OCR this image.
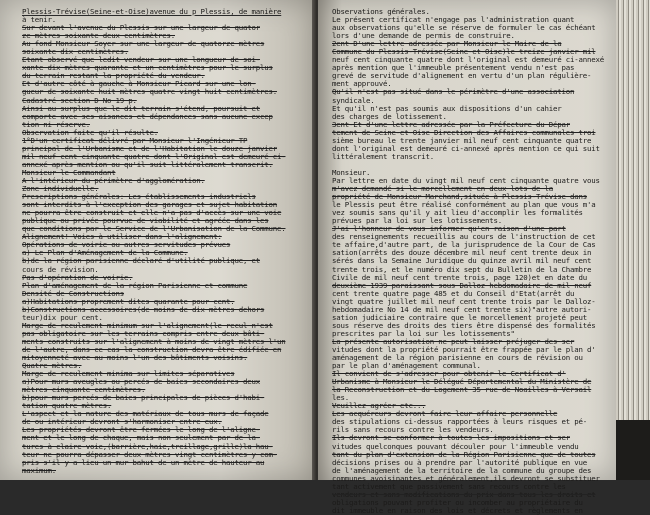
Plessis-Trévise(Seine-et-Oise)avenue du p Plessis, de manière
à tenir.
Sur devant l'avenue du Plessis sur une largeur de quator
ze mètres soixante deux centimètres.
Au fond Monsieur Soyer sur une largeur de quatorze mètres
soixante dix centimètres.
Etant observé que ledit vendeur sur une longueur de soi-
xante dix mètres quarante et un centimètres pour le surplus
du terrain restant la propriété du vendeur.
Et d'autre côté à gauche à Monsieur Picard sur une lon-
gueur de soixante huit mètres quatre vingt huit centimètres.
Cadastré section D No 19 p.
Ainsi au surplus que le dit terrain s'étend, poursuit et
comporte avec ses aisances et dépendances sans aucune excep
tion ni réserve.
Observation faite qu'il résulte.
1°D'un certificat délivré par Monsieur l'Ingénieur TP
principal de l'Urbanisme et de l'Habitation le douze janvier
mil neuf cent cinquante quatre dont l'Original est demeuré ci-
annexé après mention ou qu'il suit littéralement transcrit.
Monsieur le Commandant
A l'intérieur du périmètre d'agglomération.
Zone individuelle.
Prescriptions générales: Les établissements industriels
sont interdits à l'exception des garages et sujet habitation
ne pourra être construit et elle n'a pas d'accès sur une voie
publique ou privée pourvue de viabilité et agréée dans les
que conditions par le Service de l'Urbanisation de la Commune.
Alignement! Voies à utiliser dans l'alignement:
Opérations de voirie ou autres servitudes prévues
a) Le Plan d'Aménagement de la Commune.
b)de la région parisienne déclaré d'utilité publique, et
cours de révision.
Pas d'opération de voirie.
Plan d'aménagement de la région Parisienne et commune
Densité de Constructions
a)Habitations proprement dites quarante pour cent.
b)Constructions accessoires(de moins de dix mètres dehors
teur)dix pour cent.
Marge de reculement minimum sur l'alignement(le recul n'est
pas obligatoire sur les terrains compris entre deux bâti-
ments construits sur l'alignement à moins de vingt mètres l'un
de l'autre, dans ce cas la construction devra être édifiée en
mitoyenneté avec au moins l'un des bâtiments voisins.
Quatre mètres.
Marge de reculement minima sur limites séparatives
a)Pour murs aveugles ou percés de baies secondaires deux
mètres cinquante centimètres.
b)pour murs percés de baies principales de pièces d'habi-
tation quatre mètres.
L'aspect et la nature des matériaux de tous murs de façade
de ou intérieur devront s'harmoniser entre eux.
Les propriétés devront être fermées le long de l'aligne-
ment et le long de chaque, mais non seulement par de la-
tures à claire-voie,(barrière,haie,treillage,grille)la hau-
teur ne pourra dépasser deux mètres vingt centimètres y com-
pris s'il y a lieu un mur bahut de un mètre de hauteur au
maximum.
Observations générales.
Le présent certificat n'engage pas l'administration quant
aux observations qu'elle se réserve de formuler le cas échéant
lors d'une demande de permis de construire.
2ent-D'une lettre adressée par Monsieur le Maire de la
Commune du Plessis-Trévise(Seine-et-Oise)le treize janvier mil
neuf cent cinquante quatre dont l'original est demeuré ci-annexé
après mention que l'immeuble présentement vendu n'est pas
grevé de servitude d'alignement en vertu d'un plan régulière-
ment approuvé.
Qu'il n'est pas situé dans le périmètre d'une association
syndicale.
Et qu'il n'est pas soumis aux dispositions d'un cahier
des charges de lotissement.
3ent-Et d'une lettre adressée par la Préfecture du Dépar
tement de Seine-et-Oise Direction des Affaires communales troi
sième bureau le trente janvier mil neuf cent cinquante quatre
dont l'original est demeuré ci-annexé après mention ce qui suit
littéralement transcrit.
Monsieur.
Par lettre en date du vingt mil neuf cent cinquante quatre vous
m'avez demandé si le morcellement en deux lots de la
propriété de Monsieur Marchand,située à Plessis-Trévise dans
le Plessis peut être réalisé conformément au plan que vous m'a
vez soumis sans qu'il y ait lieu d'accomplir les formalités
prévues par la loi sur les lotissements.
J'ai l'honneur de vous informer qu'en raison d'une part
des renseignements recueillis au cours de l'instruction de cet
te affaire,d'autre part, de la jurisprudence de la Cour de Cas
sation(arrêts des douze décembre mil neuf cent trente deux in
sérés dans la Semaine Juridique du quinze avril mil neuf cent
trente trois, et le numéro dix sept du Bulletin de la Chambre
Civile de mil neuf cent trente trois, page 120)et en date du
deuxième 1939 paraissant sous Dalloz hebdomadaire de mil neuf
cent trente quatre page 485 et du Conseil d'Etat(arrêt du
vingt quatre juillet mil neuf cent trente trois par le Dalloz-
hebdomadaire No 14 de mil neuf cent trente six)"autre autori-
sation judiciaire contraire que le morcellement projeté peut
sous réserve des droits des tiers être dispensé des formalités
prescrites par la loi sur les lotissements"
La présente autorisation ne peut laisser préjuger des ser
vitudes dont la propriété pourrait être frappée par le plan d'
aménagement de la région parisienne en cours de révision ou
par le plan d'aménagement communal.
Il convient de s'adresser pour obtenir le Certificat d'
Urbanisme à Monsieur le Délégué Départemental du Ministère de
la Reconstruction et du Logement 35 rue de Noailles à Versail
les.
Veuillez agréer etc...
Les acquéreurs devront faire leur affaire personnelle
des stipulations ci-dessus rapportées à leurs risques et pé-
rils sans recours contre les vendeurs.
Ils devront se conformer à toutes les impositions et ser
vitudes quelconques pouvant découler pour l'immeuble vendu
tant du plan d'extension de la Région Parisienne que de toutes
décisions prises ou à prendre par l'autorité publique en vue
de l'aménagement de la territoire de la commune du groupe des
communes avoisinantes et généralement,ils devront se substituer
tant activement que passivement sans recours contre les
vendeurs et sans modifications du prix dans tous les droits et
obligations pouvant profiter ou incomber au propriétaire du
dit immeuble en raison des lois et décrets et règlements en
